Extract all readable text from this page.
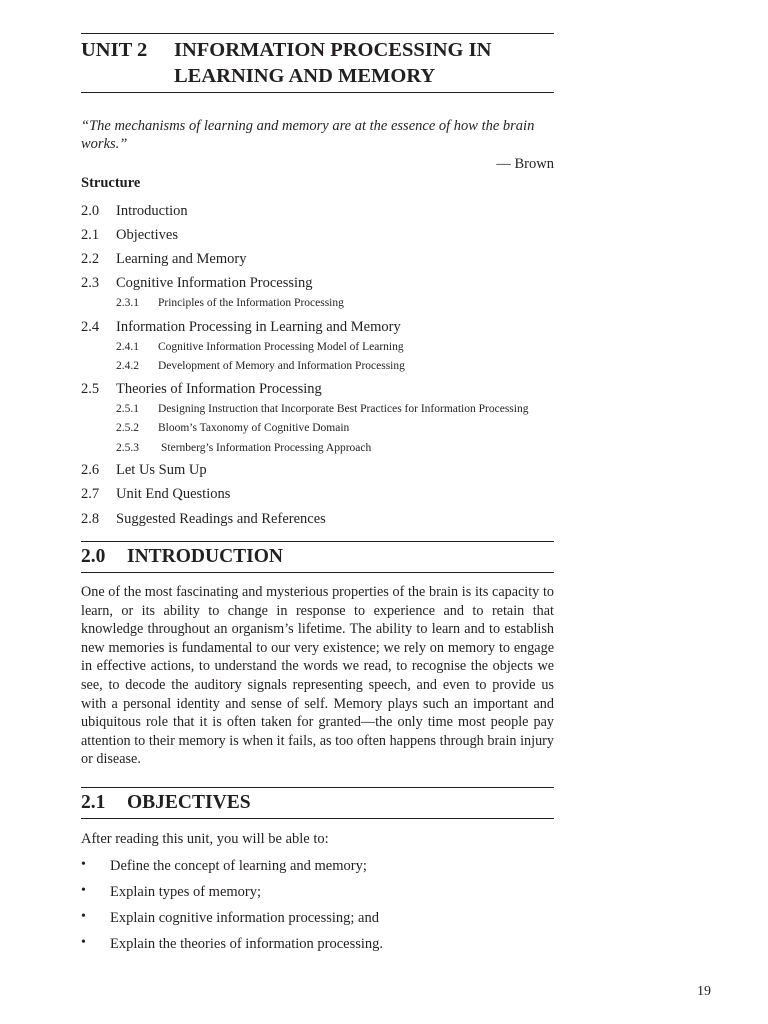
UNIT 2 INFORMATION PROCESSING IN
LEARNING AND MEMORY
“The mechanisms of learning and memory are at the essence of how the brain works.”
— Brown
Structure
2.0 Introduction
2.1 Objectives
2.2 Learning and Memory
2.3 Cognitive Information Processing
2.3.1 Principles of the Information Processing
2.4 Information Processing in Learning and Memory
2.4.1 Cognitive Information Processing Model of Learning
2.4.2 Development of Memory and Information Processing
2.5 Theories of Information Processing
2.5.1 Designing Instruction that Incorporate Best Practices for Information Processing
2.5.2 Bloom’s Taxonomy of Cognitive Domain
2.5.3 Sternberg’s Information Processing Approach
2.6 Let Us Sum Up
2.7 Unit End Questions
2.8 Suggested Readings and References
2.0 INTRODUCTION
One of the most fascinating and mysterious properties of the brain is its capacity to learn, or its ability to change in response to experience and to retain that knowledge throughout an organism’s lifetime. The ability to learn and to establish new memories is fundamental to our very existence; we rely on memory to engage in effective actions, to understand the words we read, to recognise the objects we see, to decode the auditory signals representing speech, and even to provide us with a personal identity and sense of self. Memory plays such an important and ubiquitous role that it is often taken for granted—the only time most people pay attention to their memory is when it fails, as too often happens through brain injury or disease.
2.1 OBJECTIVES
After reading this unit, you will be able to:
• Define the concept of learning and memory;
• Explain types of memory;
• Explain cognitive information processing; and
• Explain the theories of information processing.
19
